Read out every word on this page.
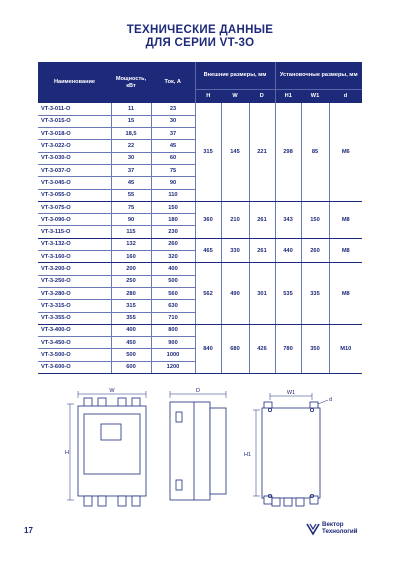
ТЕХНИЧЕСКИЕ ДАННЫЕ
ДЛЯ СЕРИИ VT-3O
Наименование	Мощность, кВт	Ток, А	Внешние размеры, мм			Установочные размеры, мм		
			H	W	D	H1	W1	d
VT-3-011-O	11	23	315	145	221	298	85	M6
VT-3-015-O	15	30						
VT-3-018-O	18,5	37						
VT-3-022-O	22	45						
VT-3-030-O	30	60						
VT-3-037-O	37	75						
VT-3-045-O	45	90						
VT-3-055-O	55	110						
VT-3-075-O	75	150	360	210	261	343	150	M8
VT-3-090-O	90	180						
VT-3-115-O	115	230						
VT-3-132-O	132	260	465	330	261	440	260	M8
VT-3-160-O	160	320						
VT-3-200-O	200	400	562	490	301	535	335	M8
VT-3-250-O	250	500						
VT-3-280-O	280	560						
VT-3-315-O	315	630						
VT-3-355-O	355	710						
VT-3-400-O	400	800	840	680	426	780	350	M10
VT-3-450-O	450	900						
VT-3-500-O	500	1000						
VT-3-600-O	600	1200						
W
H
D	W1
H1
d
17
Вектор
Технологий
